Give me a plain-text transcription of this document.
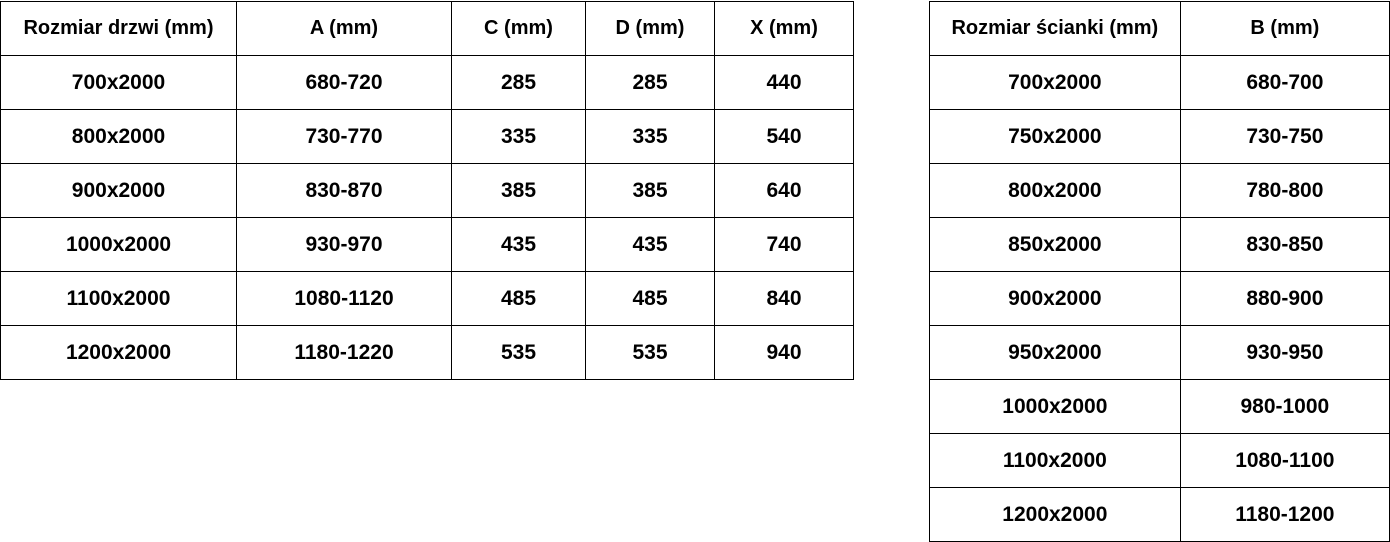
Rozmiar drzwi (mm)	A (mm)	C (mm)	D (mm)	X (mm)
700x2000	680-720	285	285	440
800x2000	730-770	335	335	540
900x2000	830-870	385	385	640
1000x2000	930-970	435	435	740
1100x2000	1080-1120	485	485	840
1200x2000	1180-1220	535	535	940
Rozmiar ścianki (mm)	B (mm)
700x2000	680-700
750x2000	730-750
800x2000	780-800
850x2000	830-850
900x2000	880-900
950x2000	930-950
1000x2000	980-1000
1100x2000	1080-1100
1200x2000	1180-1200
